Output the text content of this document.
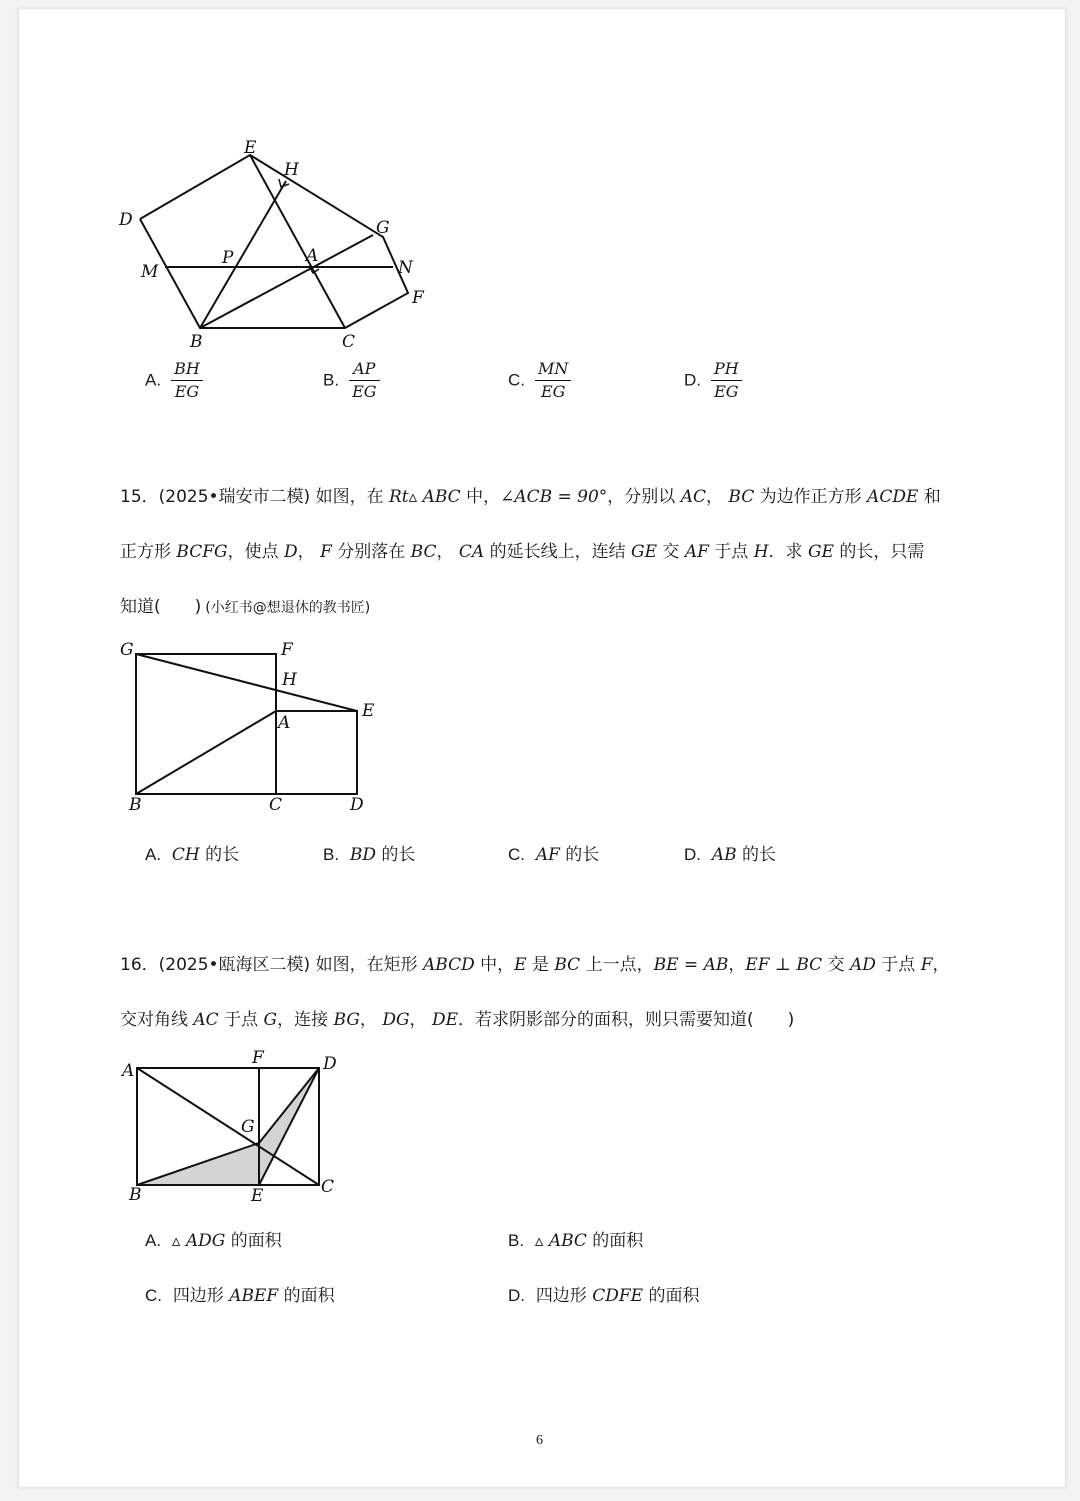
E
H
D	G
P	A
N
M
F
B	C
A. $\frac{BH}{EG}$	B. $\frac{AP}{EG}$	C. $\frac{MN}{EG}$	D. $\frac{PH}{EG}$
15．(2025•瑞安市二模) 如图，在 Rt▵ ABC 中，∠ACB = 90°，分别以 AC， BC 为边作正方形 ACDE 和
正方形 BCFG，使点 D， F 分别落在 BC， CA 的延长线上，连结 GE 交 AF 于点 H．求 GE 的长，只需
知道(　　) (小红书@想退休的教书匠)
G	F
H
E
A
B	C	D
A. CH 的长	B. BD 的长	C. AF 的长	D. AB 的长
16．(2025•瓯海区二模) 如图，在矩形 ABCD 中，E 是 BC 上一点，BE = AB，EF ⊥ BC 交 AD 于点 F，
交对角线 AC 于点 G，连接 BG， DG， DE．若求阴影部分的面积，则只需要知道(　　)
A
F	D
G
B	E	C
A. ▵ ADG 的面积	B. ▵ ABC 的面积
C. 四边形 ABEF 的面积	D. 四边形 CDFE 的面积
6
